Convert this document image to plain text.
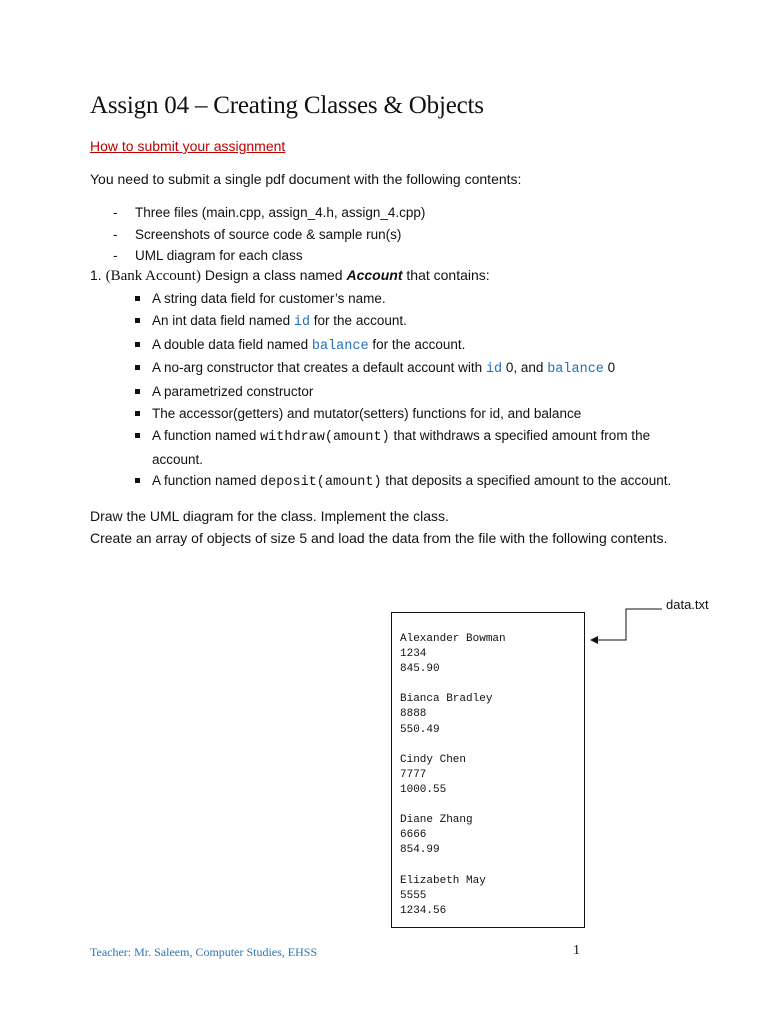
Assign 04 – Creating Classes & Objects
How to submit your assignment
You need to submit a single pdf document with the following contents:
- Three files (main.cpp, assign_4.h, assign_4.cpp)
- Screenshots of source code & sample run(s)
- UML diagram for each class
1. (Bank Account) Design a class named Account that contains:
A string data field for customer’s name.
An int data field named id for the account.
A double data field named balance for the account.
A no-arg constructor that creates a default account with id 0, and balance 0
A parametrized constructor
The accessor(getters) and mutator(setters) functions for id, and balance
A function named withdraw(amount) that withdraws a specified amount from the account.
A function named deposit(amount) that deposits a specified amount to the account.
Draw the UML diagram for the class. Implement the class.
Create an array of objects of size 5 and load the data from the file with the following contents.
data.txt
Alexander Bowman
1234
845.90
Bianca Bradley
8888
550.49
Cindy Chen
7777
1000.55
Diane Zhang
6666
854.99
Elizabeth May
5555
1234.56
Teacher: Mr. Saleem, Computer Studies, EHSS	1
